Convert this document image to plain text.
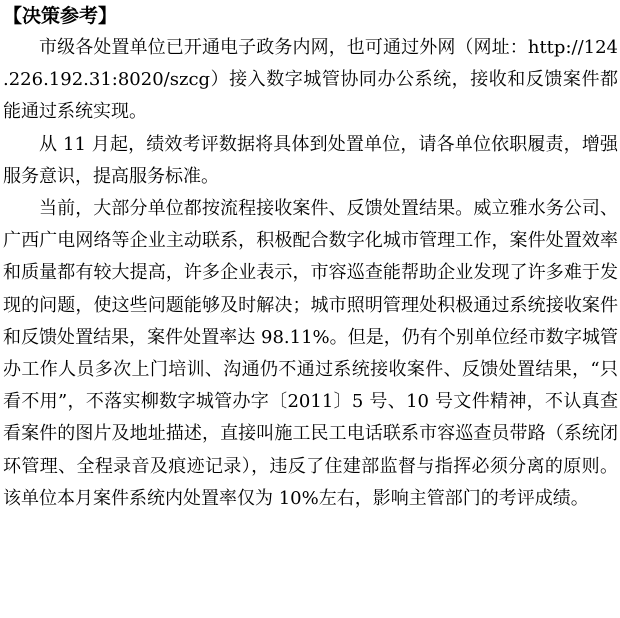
【决策参考】

市级各处置单位已开通电子政务内网，也可通过外网（网址：http://124.226.192.31:8020/szcg）接入数字城管协同办公系统，接收和反馈案件都能通过系统实现。

从 11 月起，绩效考评数据将具体到处置单位，请各单位依职履责，增强服务意识，提高服务标准。

当前，大部分单位都按流程接收案件、反馈处置结果。威立雅水务公司、广西广电网络等企业主动联系，积极配合数字化城市管理工作，案件处置效率和质量都有较大提高，许多企业表示，市容巡查能帮助企业发现了许多难于发现的问题，使这些问题能够及时解决；城市照明管理处积极通过系统接收案件和反馈处置结果，案件处置率达 98.11%。但是，仍有个别单位经市数字城管办工作人员多次上门培训、沟通仍不通过系统接收案件、反馈处置结果，“只看不用”，不落实柳数字城管办字〔2011〕5 号、10 号文件精神，不认真查看案件的图片及地址描述，直接叫施工民工电话联系市容巡查员带路（系统闭环管理、全程录音及痕迹记录），违反了住建部监督与指挥必须分离的原则。该单位本月案件系统内处置率仅为 10%左右，影响主管部门的考评成绩。
